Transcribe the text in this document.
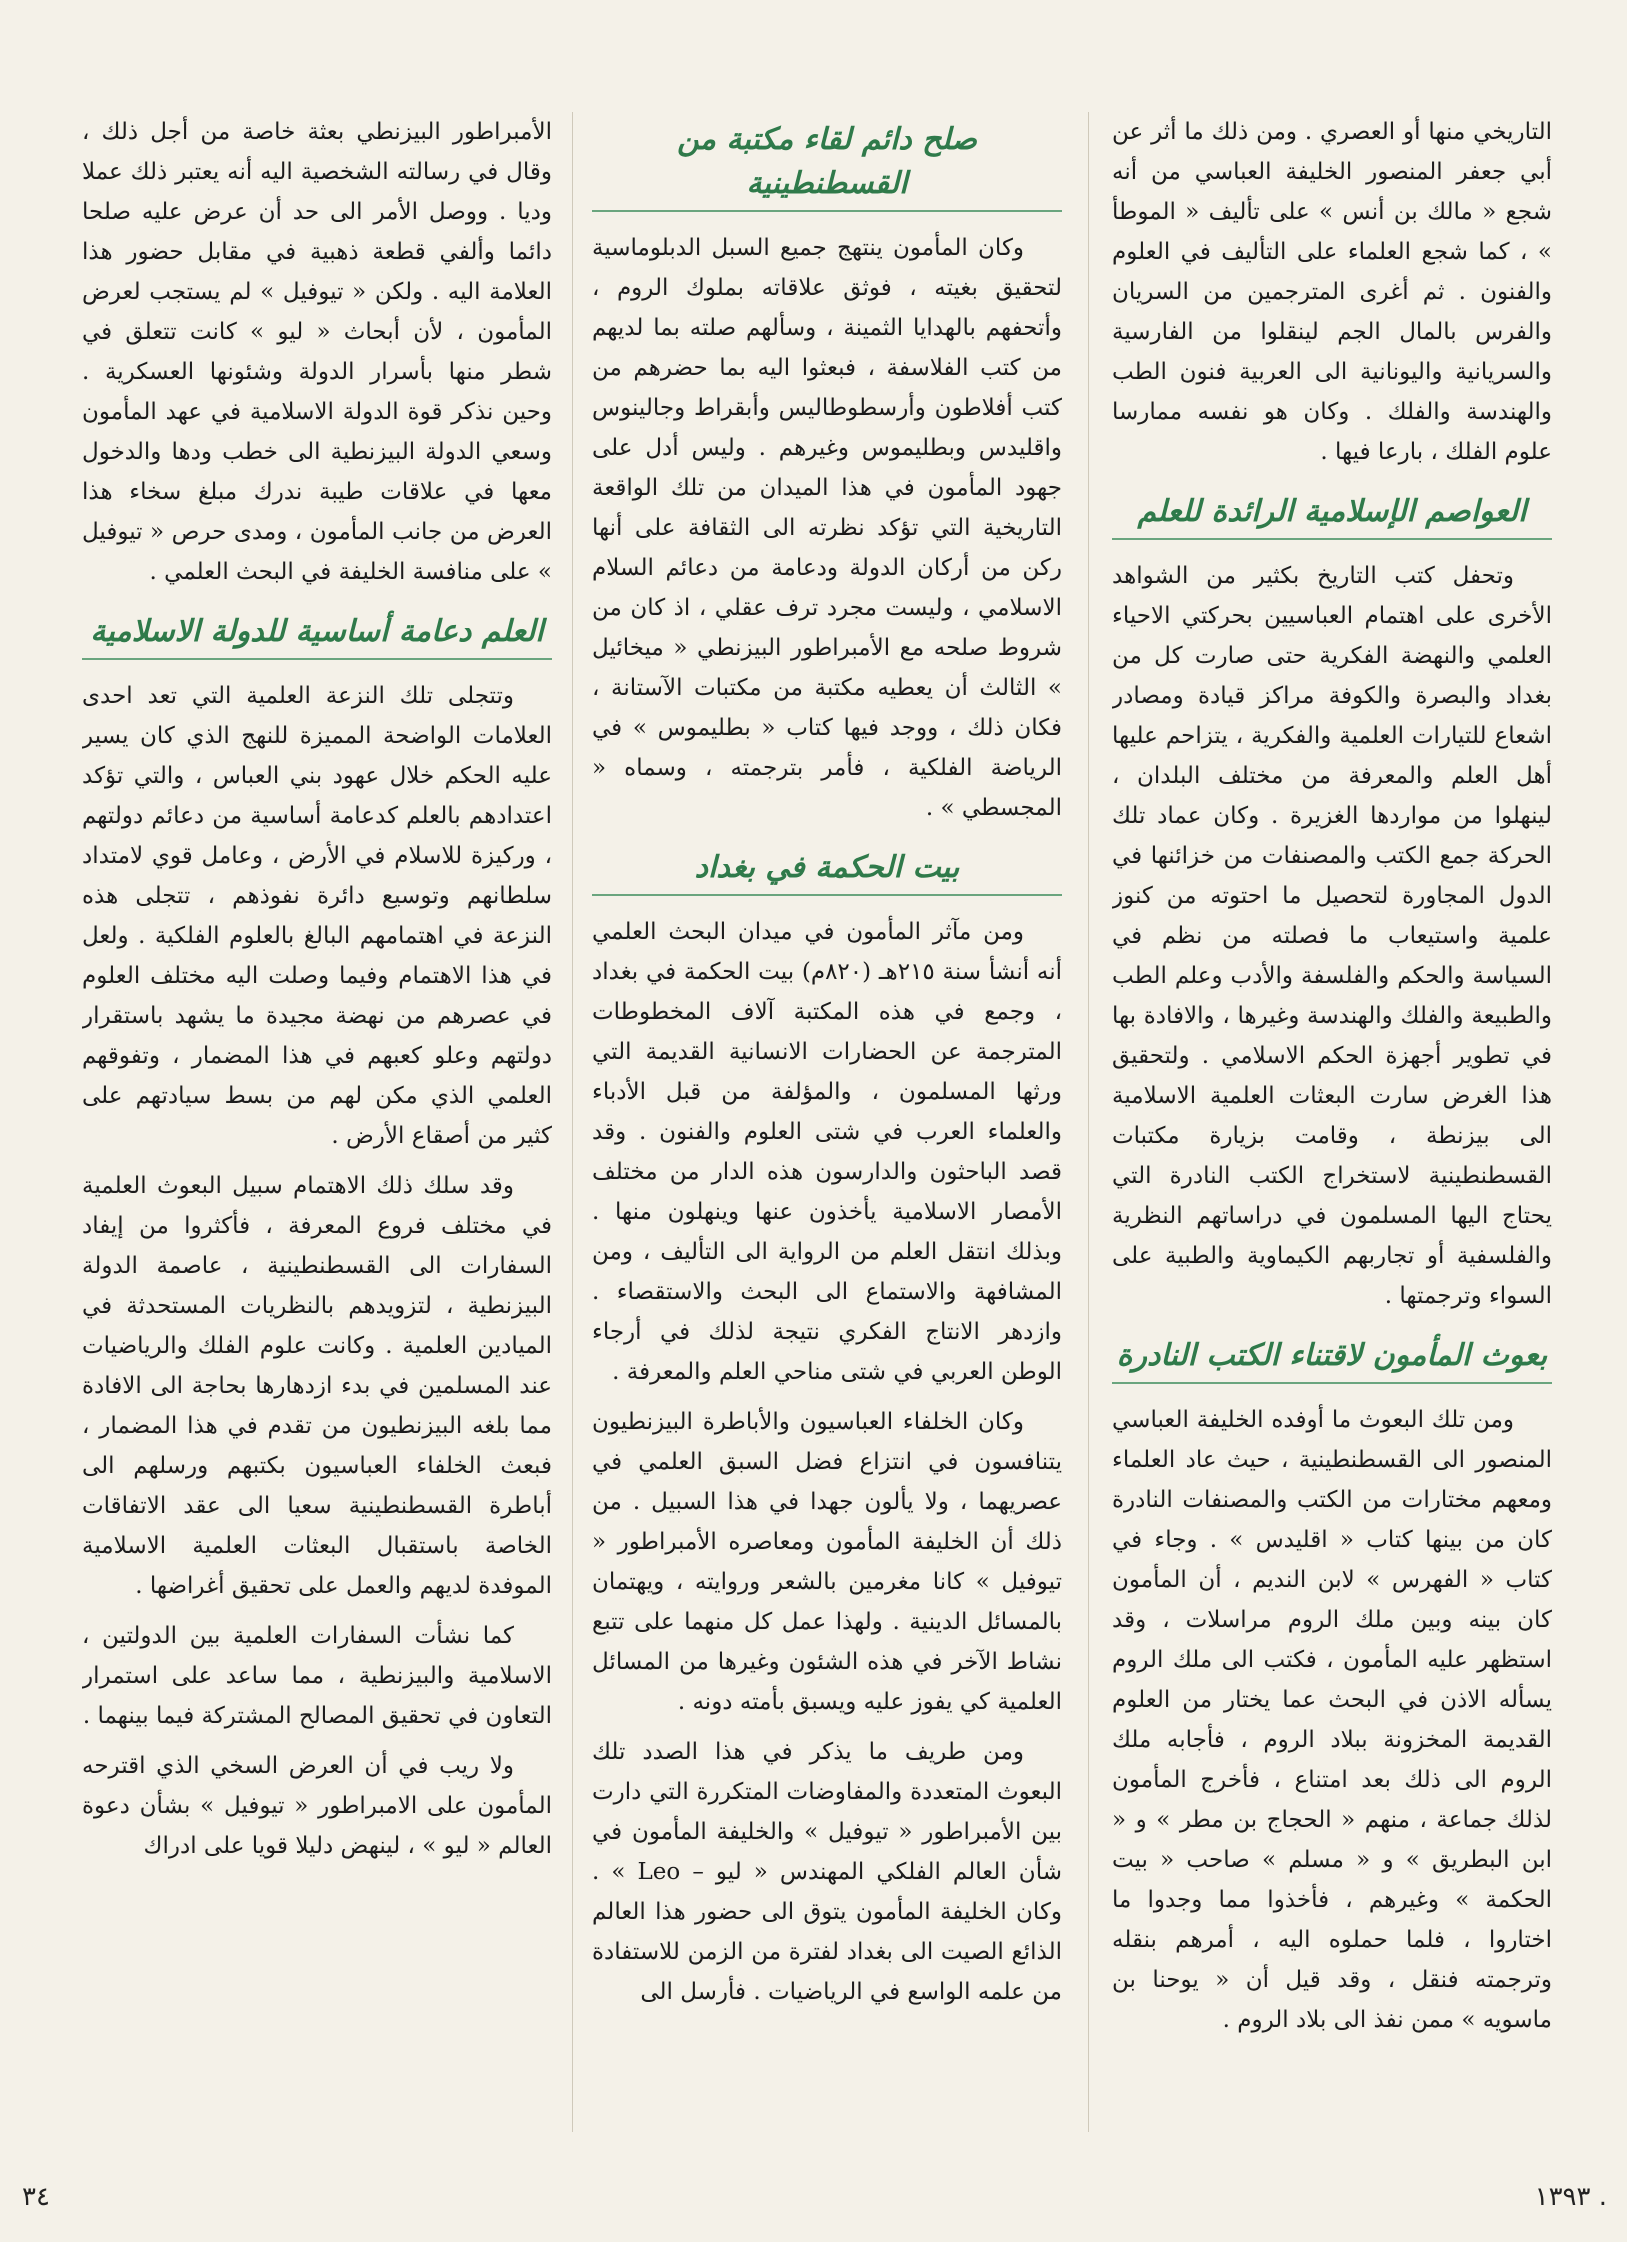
التاريخي منها أو العصري . ومن ذلك ما أثر عن أبي جعفر المنصور الخليفة العباسي من أنه شجع « مالك بن أنس » على تأليف « الموطأ » ، كما شجع العلماء على التأليف في العلوم والفنون . ثم أغرى المترجمين من السريان والفرس بالمال الجم لينقلوا من الفارسية والسريانية واليونانية الى العربية فنون الطب والهندسة والفلك . وكان هو نفسه ممارسا علوم الفلك ، بارعا فيها .

العواصم الإسلامية الرائدة للعلم

وتحفل كتب التاريخ بكثير من الشواهد الأخرى على اهتمام العباسيين بحركتي الاحياء العلمي والنهضة الفكرية حتى صارت كل من بغداد والبصرة والكوفة مراكز قيادة ومصادر اشعاع للتيارات العلمية والفكرية ، يتزاحم عليها أهل العلم والمعرفة من مختلف البلدان ، لينهلوا من مواردها الغزيرة . وكان عماد تلك الحركة جمع الكتب والمصنفات من خزائنها في الدول المجاورة لتحصيل ما احتوته من كنوز علمية واستيعاب ما فصلته من نظم في السياسة والحكم والفلسفة والأدب وعلم الطب والطبيعة والفلك والهندسة وغيرها ، والافادة بها في تطوير أجهزة الحكم الاسلامي . ولتحقيق هذا الغرض سارت البعثات العلمية الاسلامية الى بيزنطة ، وقامت بزيارة مكتبات القسطنطينية لاستخراج الكتب النادرة التي يحتاج اليها المسلمون في دراساتهم النظرية والفلسفية أو تجاربهم الكيماوية والطبية على السواء وترجمتها .

بعوث المأمون لاقتناء الكتب النادرة

ومن تلك البعوث ما أوفده الخليفة العباسي المنصور الى القسطنطينية ، حيث عاد العلماء ومعهم مختارات من الكتب والمصنفات النادرة كان من بينها كتاب « اقليدس » . وجاء في كتاب « الفهرس » لابن النديم ، أن المأمون كان بينه وبين ملك الروم مراسلات ، وقد استظهر عليه المأمون ، فكتب الى ملك الروم يسأله الاذن في البحث عما يختار من العلوم القديمة المخزونة ببلاد الروم ، فأجابه ملك الروم الى ذلك بعد امتناع ، فأخرج المأمون لذلك جماعة ، منهم « الحجاج بن مطر » و « ابن البطريق » و « مسلم » صاحب « بيت الحكمة » وغيرهم ، فأخذوا مما وجدوا ما اختاروا ، فلما حملوه اليه ، أمرهم بنقله وترجمته فنقل ، وقد قيل أن « يوحنا بن ماسويه » ممن نفذ الى بلاد الروم .

صلح دائم لقاء مكتبة من القسطنطينية

وكان المأمون ينتهج جميع السبل الدبلوماسية لتحقيق بغيته ، فوثق علاقاته بملوك الروم ، وأتحفهم بالهدايا الثمينة ، وسألهم صلته بما لديهم من كتب الفلاسفة ، فبعثوا اليه بما حضرهم من كتب أفلاطون وأرسطوطاليس وأبقراط وجالينوس واقليدس وبطليموس وغيرهم . وليس أدل على جهود المأمون في هذا الميدان من تلك الواقعة التاريخية التي تؤكد نظرته الى الثقافة على أنها ركن من أركان الدولة ودعامة من دعائم السلام الاسلامي ، وليست مجرد ترف عقلي ، اذ كان من شروط صلحه مع الأمبراطور البيزنطي « ميخائيل » الثالث أن يعطيه مكتبة من مكتبات الآستانة ، فكان ذلك ، ووجد فيها كتاب « بطليموس » في الرياضة الفلكية ، فأمر بترجمته ، وسماه « المجسطي » .

بيت الحكمة في بغداد

ومن مآثر المأمون في ميدان البحث العلمي أنه أنشأ سنة ٢١٥هـ (٨٢٠م) بيت الحكمة في بغداد ، وجمع في هذه المكتبة آلاف المخطوطات المترجمة عن الحضارات الانسانية القديمة التي ورثها المسلمون ، والمؤلفة من قبل الأدباء والعلماء العرب في شتى العلوم والفنون . وقد قصد الباحثون والدارسون هذه الدار من مختلف الأمصار الاسلامية يأخذون عنها وينهلون منها . وبذلك انتقل العلم من الرواية الى التأليف ، ومن المشافهة والاستماع الى البحث والاستقصاء . وازدهر الانتاج الفكري نتيجة لذلك في أرجاء الوطن العربي في شتى مناحي العلم والمعرفة .

وكان الخلفاء العباسيون والأباطرة البيزنطيون يتنافسون في انتزاع فضل السبق العلمي في عصريهما ، ولا يألون جهدا في هذا السبيل . من ذلك أن الخليفة المأمون ومعاصره الأمبراطور « تيوفيل » كانا مغرمين بالشعر وروايته ، ويهتمان بالمسائل الدينية . ولهذا عمل كل منهما على تتبع نشاط الآخر في هذه الشئون وغيرها من المسائل العلمية كي يفوز عليه ويسبق بأمته دونه .

ومن طريف ما يذكر في هذا الصدد تلك البعوث المتعددة والمفاوضات المتكررة التي دارت بين الأمبراطور « تيوفيل » والخليفة المأمون في شأن العالم الفلكي المهندس « ليو – Leo » . وكان الخليفة المأمون يتوق الى حضور هذا العالم الذائع الصيت الى بغداد لفترة من الزمن للاستفادة من علمه الواسع في الرياضيات . فأرسل الى

الأمبراطور البيزنطي بعثة خاصة من أجل ذلك ، وقال في رسالته الشخصية اليه أنه يعتبر ذلك عملا وديا . ووصل الأمر الى حد أن عرض عليه صلحا دائما وألفي قطعة ذهبية في مقابل حضور هذا العلامة اليه . ولكن « تيوفيل » لم يستجب لعرض المأمون ، لأن أبحاث « ليو » كانت تتعلق في شطر منها بأسرار الدولة وشئونها العسكرية . وحين نذكر قوة الدولة الاسلامية في عهد المأمون وسعي الدولة البيزنطية الى خطب ودها والدخول معها في علاقات طيبة ندرك مبلغ سخاء هذا العرض من جانب المأمون ، ومدى حرص « تيوفيل » على منافسة الخليفة في البحث العلمي .

العلم دعامة أساسية للدولة الاسلامية

وتتجلى تلك النزعة العلمية التي تعد احدى العلامات الواضحة المميزة للنهج الذي كان يسير عليه الحكم خلال عهود بني العباس ، والتي تؤكد اعتدادهم بالعلم كدعامة أساسية من دعائم دولتهم ، وركيزة للاسلام في الأرض ، وعامل قوي لامتداد سلطانهم وتوسيع دائرة نفوذهم ، تتجلى هذه النزعة في اهتمامهم البالغ بالعلوم الفلكية . ولعل في هذا الاهتمام وفيما وصلت اليه مختلف العلوم في عصرهم من نهضة مجيدة ما يشهد باستقرار دولتهم وعلو كعبهم في هذا المضمار ، وتفوقهم العلمي الذي مكن لهم من بسط سيادتهم على كثير من أصقاع الأرض .

وقد سلك ذلك الاهتمام سبيل البعوث العلمية في مختلف فروع المعرفة ، فأكثروا من إيفاد السفارات الى القسطنطينية ، عاصمة الدولة البيزنطية ، لتزويدهم بالنظريات المستحدثة في الميادين العلمية . وكانت علوم الفلك والرياضيات عند المسلمين في بدء ازدهارها بحاجة الى الافادة مما بلغه البيزنطيون من تقدم في هذا المضمار ، فبعث الخلفاء العباسيون بكتبهم ورسلهم الى أباطرة القسطنطينية سعيا الى عقد الاتفاقات الخاصة باستقبال البعثات العلمية الاسلامية الموفدة لديهم والعمل على تحقيق أغراضها .

كما نشأت السفارات العلمية بين الدولتين ، الاسلامية والبيزنطية ، مما ساعد على استمرار التعاون في تحقيق المصالح المشتركة فيما بينهما .

ولا ريب في أن العرض السخي الذي اقترحه المأمون على الامبراطور « تيوفيل » بشأن دعوة العالم « ليو » ، لينهض دليلا قويا على ادراك

٣٤	١٣٩٣ .
